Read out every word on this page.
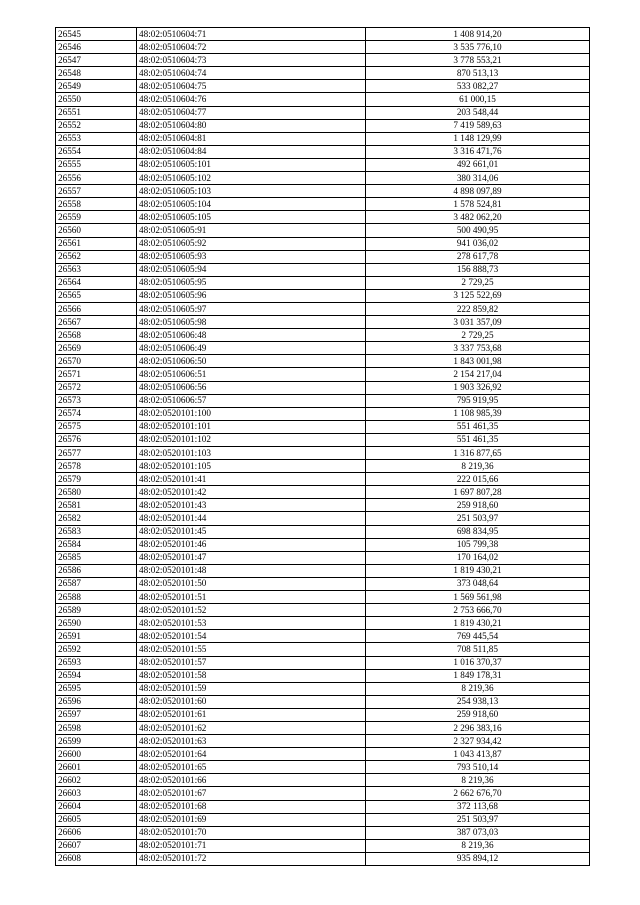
26545	48:02:0510604:71	1 408 914,20
26546	48:02:0510604:72	3 535 776,10
26547	48:02:0510604:73	3 778 553,21
26548	48:02:0510604:74	870 513,13
26549	48:02:0510604:75	533 082,27
26550	48:02:0510604:76	61 000,15
26551	48:02:0510604:77	203 548,44
26552	48:02:0510604:80	7 419 589,63
26553	48:02:0510604:81	1 148 129,99
26554	48:02:0510604:84	3 316 471,76
26555	48:02:0510605:101	492 661,01
26556	48:02:0510605:102	380 314,06
26557	48:02:0510605:103	4 898 097,89
26558	48:02:0510605:104	1 578 524,81
26559	48:02:0510605:105	3 482 062,20
26560	48:02:0510605:91	500 490,95
26561	48:02:0510605:92	941 036,02
26562	48:02:0510605:93	278 617,78
26563	48:02:0510605:94	156 888,73
26564	48:02:0510605:95	2 729,25
26565	48:02:0510605:96	3 125 522,69
26566	48:02:0510605:97	222 859,82
26567	48:02:0510605:98	3 031 357,09
26568	48:02:0510606:48	2 729,25
26569	48:02:0510606:49	3 337 753,68
26570	48:02:0510606:50	1 843 001,98
26571	48:02:0510606:51	2 154 217,04
26572	48:02:0510606:56	1 903 326,92
26573	48:02:0510606:57	795 919,95
26574	48:02:0520101:100	1 108 985,39
26575	48:02:0520101:101	551 461,35
26576	48:02:0520101:102	551 461,35
26577	48:02:0520101:103	1 316 877,65
26578	48:02:0520101:105	8 219,36
26579	48:02:0520101:41	222 015,66
26580	48:02:0520101:42	1 697 807,28
26581	48:02:0520101:43	259 918,60
26582	48:02:0520101:44	251 503,97
26583	48:02:0520101:45	698 834,95
26584	48:02:0520101:46	105 799,38
26585	48:02:0520101:47	170 164,02
26586	48:02:0520101:48	1 819 430,21
26587	48:02:0520101:50	373 048,64
26588	48:02:0520101:51	1 569 561,98
26589	48:02:0520101:52	2 753 666,70
26590	48:02:0520101:53	1 819 430,21
26591	48:02:0520101:54	769 445,54
26592	48:02:0520101:55	708 511,85
26593	48:02:0520101:57	1 016 370,37
26594	48:02:0520101:58	1 849 178,31
26595	48:02:0520101:59	8 219,36
26596	48:02:0520101:60	254 938,13
26597	48:02:0520101:61	259 918,60
26598	48:02:0520101:62	2 296 383,16
26599	48:02:0520101:63	2 327 934,42
26600	48:02:0520101:64	1 043 413,87
26601	48:02:0520101:65	793 510,14
26602	48:02:0520101:66	8 219,36
26603	48:02:0520101:67	2 662 676,70
26604	48:02:0520101:68	372 113,68
26605	48:02:0520101:69	251 503,97
26606	48:02:0520101:70	387 073,03
26607	48:02:0520101:71	8 219,36
26608	48:02:0520101:72	935 894,12
